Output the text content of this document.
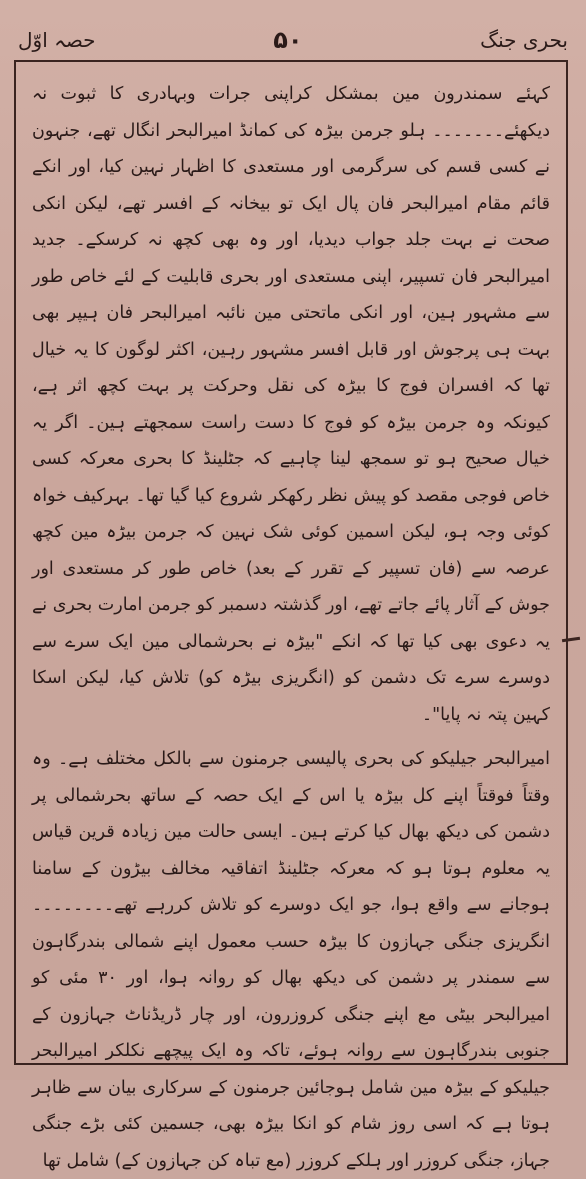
بحری جنگ
۵۰
حصہ اوّل

کہئے سمندرون مین بمشکل کراپنی جرات وبہادری کا ثبوت نہ دیکھئے۔۔۔۔۔۔۔ ہلو جرمن بیڑہ کی کمانڈ امیرالبحر انگال تھے، جنہون نے کسی قسم کی سرگرمی اور مستعدی کا اظہار نہین کیا، اور انکے قائم مقام امیرالبحر فان پال ایک تو بیخانہ کے افسر تھے، لیکن انکی صحت نے بہت جلد جواب دیدیا، اور وہ بھی کچھ نہ کرسکے۔ جدید امیرالبحر فان تسپیر، اپنی مستعدی اور بحری قابلیت کے لئے خاص طور سے مشہور ہین، اور انکی ماتحتی مین نائبہ امیرالبحر فان ہیپر بھی بہت ہی پرجوش اور قابل افسر مشہور رہین، اکثر لوگون کا یہ خیال تھا کہ افسران فوج کا بیڑہ کی نقل وحرکت پر بہت کچھ اثر ہے، کیونکہ وہ جرمن بیڑہ کو فوج کا دست راست سمجھتے ہین۔ اگر یہ خیال صحیح ہو تو سمجھ لینا چاہیے کہ جٹلینڈ کا بحری معرکہ کسی خاص فوجی مقصد کو پیش نظر رکھکر شروع کیا گیا تھا۔ بہرکیف خواہ کوئی وجہ ہو، لیکن اسمین کوئی شک نہین کہ جرمن بیڑہ مین کچھ عرصہ سے (فان تسپیر کے تقرر کے بعد) خاص طور کر مستعدی اور جوش کے آثار پائے جاتے تھے، اور گذشتہ دسمبر کو جرمن امارت بحری نے یہ دعوی بھی کیا تھا کہ انکے "بیڑہ نے بحرشمالی مین ایک سرے سے دوسرے سرے تک دشمن کو (انگریزی بیڑہ کو) تلاش کیا، لیکن اسکا کہین پتہ نہ پایا"۔

امیرالبحر جیلیکو کی بحری پالیسی جرمنون سے بالکل مختلف ہے۔ وہ وقتاً فوقتاً اپنے کل بیڑہ یا اس کے ایک حصہ کے ساتھ بحرشمالی پر دشمن کی دیکھ بھال کیا کرتے ہین۔ ایسی حالت مین زیادہ قرین قیاس یہ معلوم ہوتا ہو کہ معرکہ جٹلینڈ اتفاقیہ مخالف بیڑون کے سامنا ہوجانے سے واقع ہوا، جو ایک دوسرے کو تلاش کررہے تھے۔۔۔۔۔۔۔۔ انگریزی جنگی جہازون کا بیڑہ حسب معمول اپنے شمالی بندرگاہون سے سمندر پر دشمن کی دیکھ بھال کو روانہ ہوا، اور ۳۰ مئی کو امیرالبحر بیٹی مع اپنے جنگی کروزرون، اور چار ڈریڈناٹ جہازون کے جنوبی بندرگاہون سے روانہ ہوئے، تاکہ وہ ایک پیچھے نکلکر امیرالبحر جیلیکو کے بیڑہ مین شامل ہوجائین جرمنون کے سرکاری بیان سے ظاہر ہوتا ہے کہ اسی روز شام کو انکا بیڑہ بھی، جسمین کئی بڑے جنگی جہاز، جنگی کروزر اور ہلکے کروزر (مع تباہ کن جہازون کے) شامل تھا
